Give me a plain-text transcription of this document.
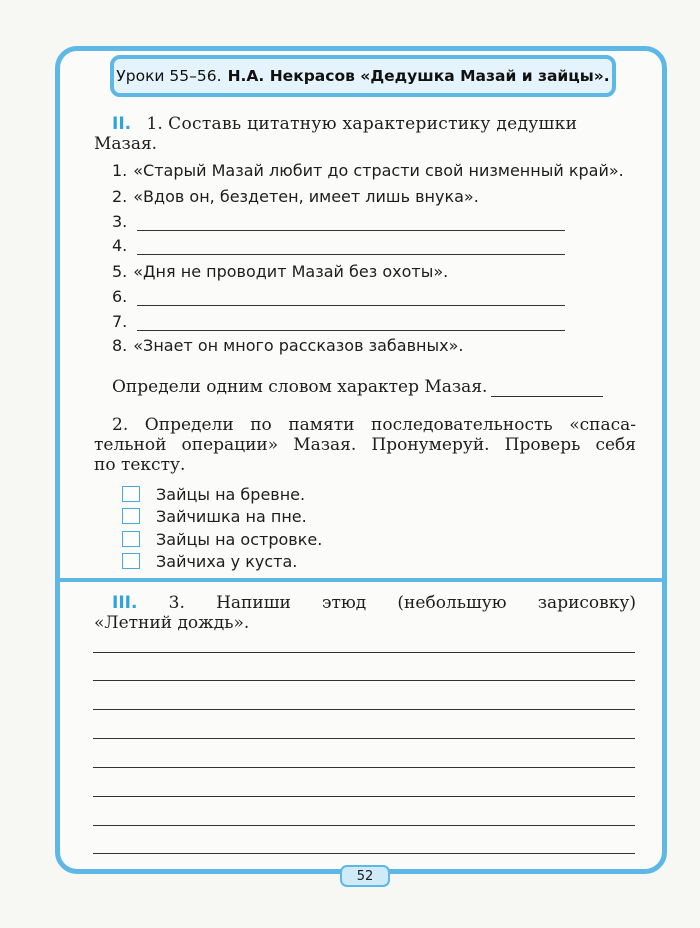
Уроки 55–56. Н.А. Некрасов «Дедушка Мазай и зайцы».
II. 1. Составь цитатную характеристику дедушки
Мазая.
1. «Старый Мазай любит до страсти свой низменный край».
2. «Вдов он, бездетен, имеет лишь внука».
3.
4.
5. «Дня не проводит Мазай без охоты».
6.
7.
8. «Знает он много рассказов забавных».
Определи одним словом характер Мазая.
2. Определи по памяти последовательность «спаса-
тельной операции» Мазая. Пронумеруй. Проверь себя
по тексту.
Зайцы на бревне.
Зайчишка на пне.
Зайцы на островке.
Зайчиха у куста.
III. 3. Напиши этюд (небольшую зарисовку)
«Летний дождь».
52
